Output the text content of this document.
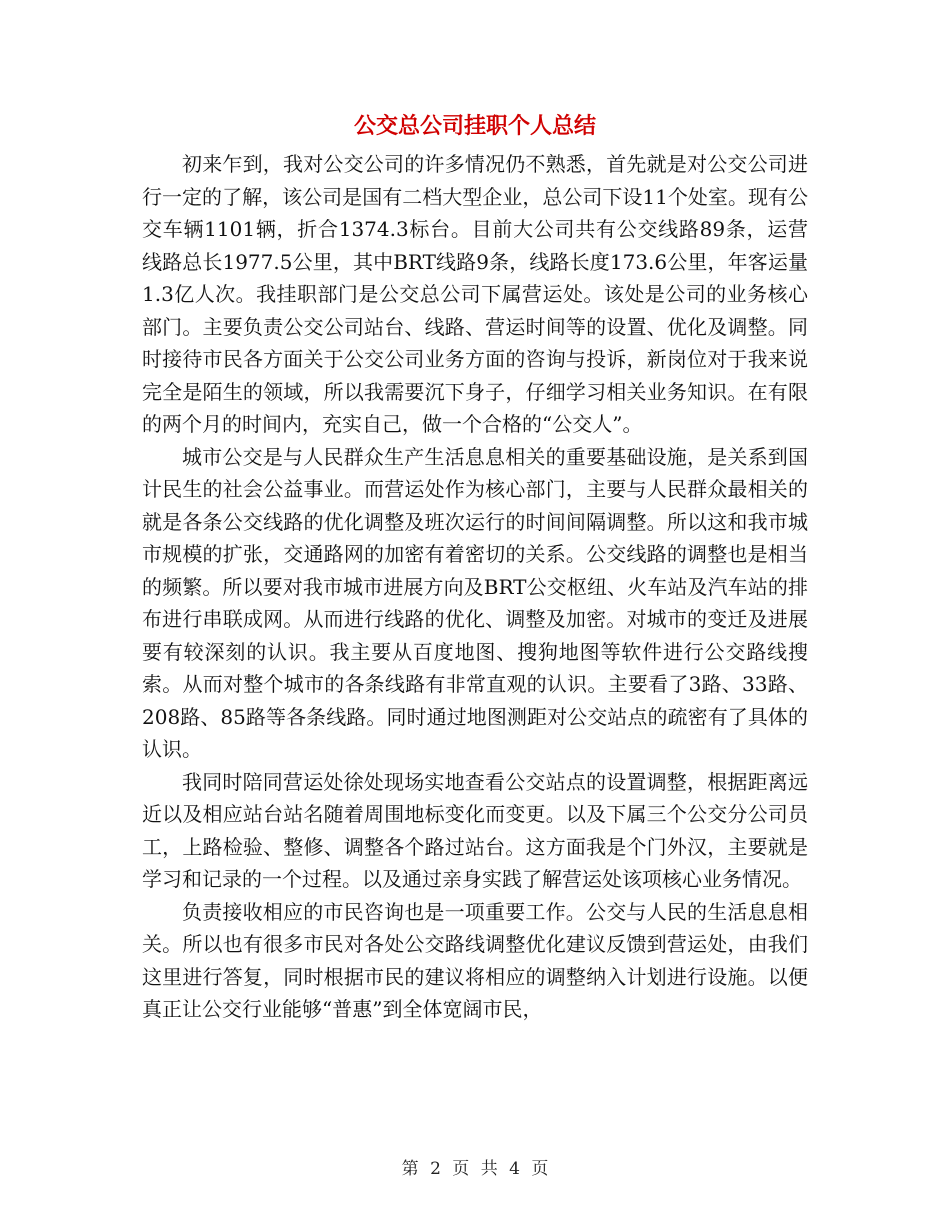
公交总公司挂职个人总结

初来乍到，我对公交公司的许多情况仍不熟悉，首先就是对公交公司进行一定的了解，该公司是国有二档大型企业，总公司下设11个处室。现有公交车辆1101辆，折合1374.3标台。目前大公司共有公交线路89条，运营线路总长1977.5公里，其中BRT线路9条，线路长度173.6公里，年客运量1.3亿人次。我挂职部门是公交总公司下属营运处。该处是公司的业务核心部门。主要负责公交公司站台、线路、营运时间等的设置、优化及调整。同时接待市民各方面关于公交公司业务方面的咨询与投诉，新岗位对于我来说完全是陌生的领域，所以我需要沉下身子，仔细学习相关业务知识。在有限的两个月的时间内，充实自己，做一个合格的“公交人”。

城市公交是与人民群众生产生活息息相关的重要基础设施，是关系到国计民生的社会公益事业。而营运处作为核心部门，主要与人民群众最相关的就是各条公交线路的优化调整及班次运行的时间间隔调整。所以这和我市城市规模的扩张，交通路网的加密有着密切的关系。公交线路的调整也是相当的频繁。所以要对我市城市进展方向及BRT公交枢纽、火车站及汽车站的排布进行串联成网。从而进行线路的优化、调整及加密。对城市的变迁及进展要有较深刻的认识。我主要从百度地图、搜狗地图等软件进行公交路线搜索。从而对整个城市的各条线路有非常直观的认识。主要看了3路、33路、208路、85路等各条线路。同时通过地图测距对公交站点的疏密有了具体的认识。

我同时陪同营运处徐处现场实地查看公交站点的设置调整，根据距离远近以及相应站台站名随着周围地标变化而变更。以及下属三个公交分公司员工，上路检验、整修、调整各个路过站台。这方面我是个门外汉，主要就是学习和记录的一个过程。以及通过亲身实践了解营运处该项核心业务情况。

负责接收相应的市民咨询也是一项重要工作。公交与人民的生活息息相关。所以也有很多市民对各处公交路线调整优化建议反馈到营运处，由我们这里进行答复，同时根据市民的建议将相应的调整纳入计划进行设施。以便真正让公交行业能够“普惠”到全体宽阔市民，

第 2 页 共 4 页
